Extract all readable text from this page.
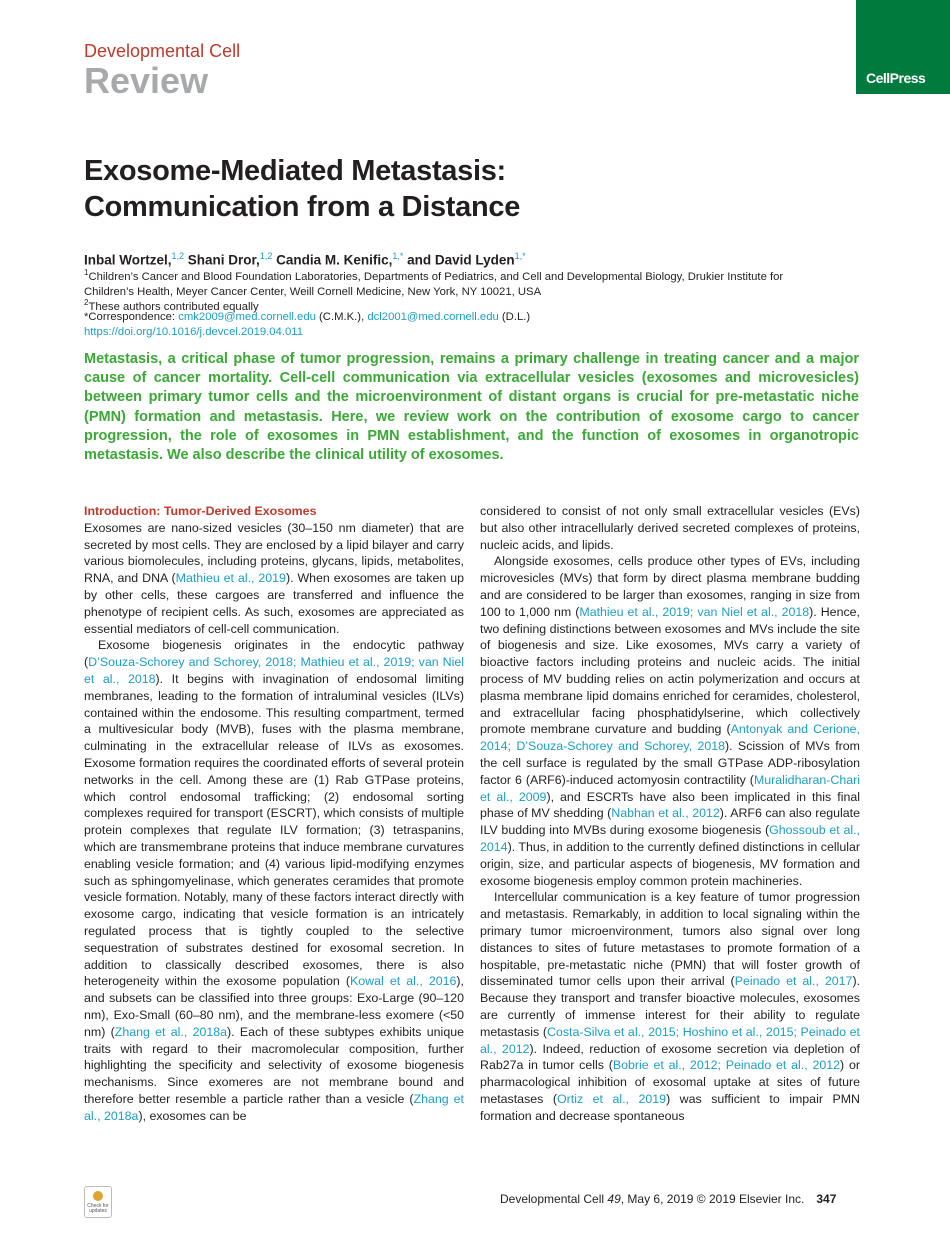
Developmental Cell
Review	CellPress
Exosome-Mediated Metastasis:
Communication from a Distance
Inbal Wortzel,$^{1,2}$ Shani Dror,$^{1,2}$ Candia M. Kenific,$^{1,*}$ and David Lyden$^{1,*}$
$^1$Children’s Cancer and Blood Foundation Laboratories, Departments of Pediatrics, and Cell and Developmental Biology, Drukier Institute for
Children’s Health, Meyer Cancer Center, Weill Cornell Medicine, New York, NY 10021, USA
$^2$These authors contributed equally
*Correspondence: cmk2009@med.cornell.edu (C.M.K.), dcl2001@med.cornell.edu (D.L.)
https://doi.org/10.1016/j.devcel.2019.04.011
Metastasis, a critical phase of tumor progression, remains a primary challenge in treating cancer and a major cause of cancer mortality. Cell-cell communication via extracellular vesicles (exosomes and microvesicles) between primary tumor cells and the microenvironment of distant organs is crucial for pre-metastatic niche (PMN) formation and metastasis. Here, we review work on the contribution of exosome cargo to cancer progression, the role of exosomes in PMN establishment, and the function of exosomes in organotropic metastasis. We also describe the clinical utility of exosomes.
Introduction: Tumor-Derived Exosomes

Exosomes are nano-sized vesicles (30–150 nm diameter) that are secreted by most cells. They are enclosed by a lipid bilayer and carry various biomolecules, including proteins, glycans, lipids, metabolites, RNA, and DNA (Mathieu et al., 2019). When exosomes are taken up by other cells, these cargoes are transferred and influence the phenotype of recipient cells. As such, exosomes are appreciated as essential mediators of cell-cell communication.

Exosome biogenesis originates in the endocytic pathway (D’Souza-Schorey and Schorey, 2018; Mathieu et al., 2019; van Niel et al., 2018). It begins with invagination of endosomal limiting membranes, leading to the formation of intraluminal vesicles (ILVs) contained within the endosome. This resulting compartment, termed a multivesicular body (MVB), fuses with the plasma membrane, culminating in the extracellular release of ILVs as exosomes. Exosome formation requires the coordinated efforts of several protein networks in the cell. Among these are (1) Rab GTPase proteins, which control endosomal trafficking; (2) endosomal sorting complexes required for transport (ESCRT), which consists of multiple protein complexes that regulate ILV formation; (3) tetraspanins, which are transmembrane proteins that induce membrane curvatures enabling vesicle formation; and (4) various lipid-modifying enzymes such as sphingomyelinase, which generates ceramides that promote vesicle formation. Notably, many of these factors interact directly with exosome cargo, indicating that vesicle formation is an intricately regulated process that is tightly coupled to the selective sequestration of substrates destined for exosomal secretion. In addition to classically described exosomes, there is also heterogeneity within the exosome population (Kowal et al., 2016), and subsets can be classified into three groups: Exo-Large (90–120 nm), Exo-Small (60–80 nm), and the membrane-less exomere (<50 nm) (Zhang et al., 2018a). Each of these subtypes exhibits unique traits with regard to their macromolecular composition, further highlighting the specificity and selectivity of exosome biogenesis mechanisms. Since exomeres are not membrane bound and therefore better resemble a particle rather than a vesicle (Zhang et al., 2018a), exosomes can be

considered to consist of not only small extracellular vesicles (EVs) but also other intracellularly derived secreted complexes of proteins, nucleic acids, and lipids.

Alongside exosomes, cells produce other types of EVs, including microvesicles (MVs) that form by direct plasma membrane budding and are considered to be larger than exosomes, ranging in size from 100 to 1,000 nm (Mathieu et al., 2019; van Niel et al., 2018). Hence, two defining distinctions between exosomes and MVs include the site of biogenesis and size. Like exosomes, MVs carry a variety of bioactive factors including proteins and nucleic acids. The initial process of MV budding relies on actin polymerization and occurs at plasma membrane lipid domains enriched for ceramides, cholesterol, and extracellular facing phosphatidylserine, which collectively promote membrane curvature and budding (Antonyak and Cerione, 2014; D’Souza-Schorey and Schorey, 2018). Scission of MVs from the cell surface is regulated by the small GTPase ADP-ribosylation factor 6 (ARF6)-induced actomyosin contractility (Muralidharan-Chari et al., 2009), and ESCRTs have also been implicated in this final phase of MV shedding (Nabhan et al., 2012). ARF6 can also regulate ILV budding into MVBs during exosome biogenesis (Ghossoub et al., 2014). Thus, in addition to the currently defined distinctions in cellular origin, size, and particular aspects of biogenesis, MV formation and exosome biogenesis employ common protein machineries.

Intercellular communication is a key feature of tumor progression and metastasis. Remarkably, in addition to local signaling within the primary tumor microenvironment, tumors also signal over long distances to sites of future metastases to promote formation of a hospitable, pre-metastatic niche (PMN) that will foster growth of disseminated tumor cells upon their arrival (Peinado et al., 2017). Because they transport and transfer bioactive molecules, exosomes are currently of immense interest for their ability to regulate metastasis (Costa-Silva et al., 2015; Hoshino et al., 2015; Peinado et al., 2012). Indeed, reduction of exosome secretion via depletion of Rab27a in tumor cells (Bobrie et al., 2012; Peinado et al., 2012) or pharmacological inhibition of exosomal uptake at sites of future metastases (Ortiz et al., 2019) was sufficient to impair PMN formation and decrease spontaneous

Check for updates
Developmental Cell 49, May 6, 2019 © 2019 Elsevier Inc. 347
